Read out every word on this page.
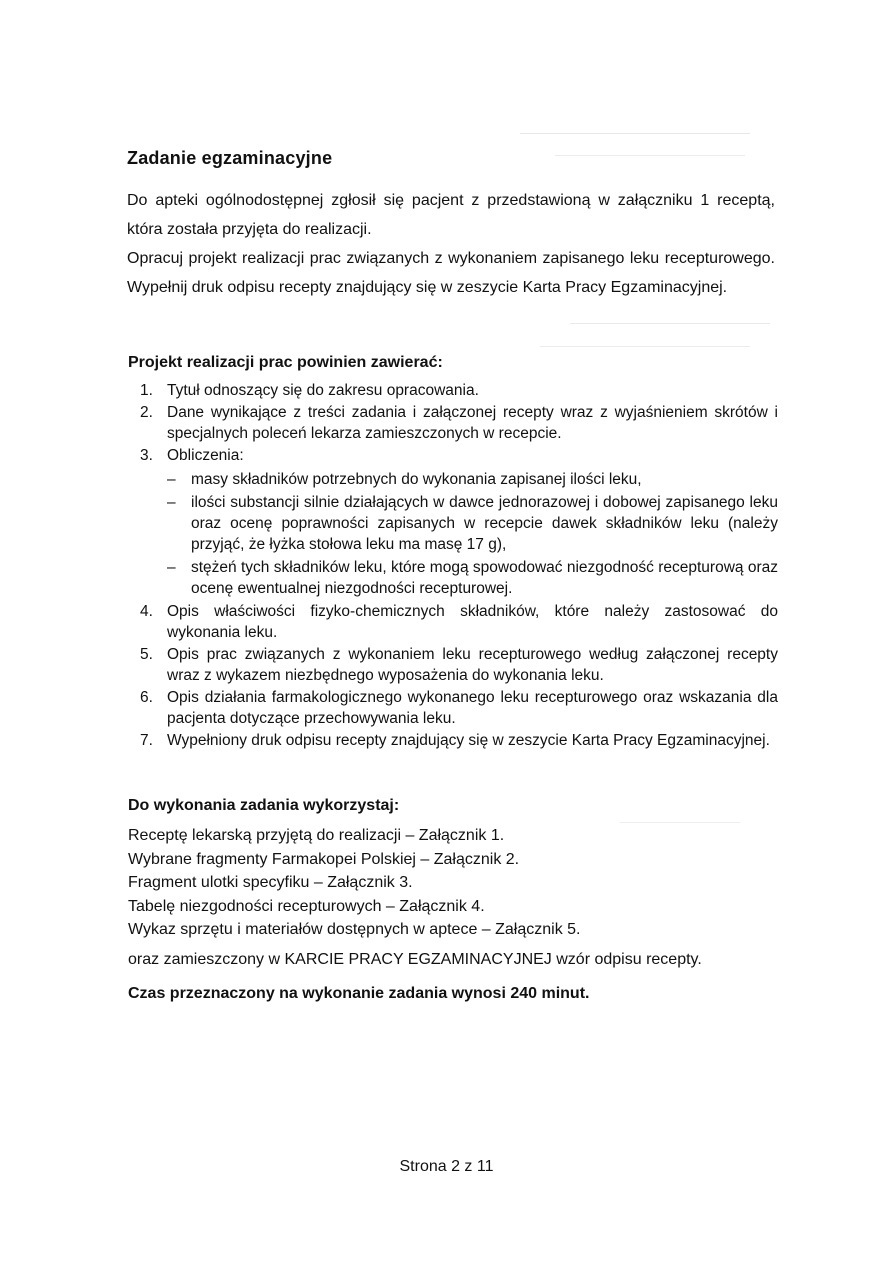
Zadanie egzaminacyjne

Do apteki ogólnodostępnej zgłosił się pacjent z przedstawioną w załączniku 1 receptą, która została przyjęta do realizacji.

Opracuj projekt realizacji prac związanych z wykonaniem zapisanego leku recepturowego. Wypełnij druk odpisu recepty znajdujący się w zeszycie Karta Pracy Egzaminacyjnej.

Projekt realizacji prac powinien zawierać:
1. Tytuł odnoszący się do zakresu opracowania.
2. Dane wynikające z treści zadania i załączonej recepty wraz z wyjaśnieniem skrótów i specjalnych poleceń lekarza zamieszczonych w recepcie.
3. Obliczenia:
– masy składników potrzebnych do wykonania zapisanej ilości leku,
– ilości substancji silnie działających w dawce jednorazowej i dobowej zapisanego leku oraz ocenę poprawności zapisanych w recepcie dawek składników leku (należy przyjąć, że łyżka stołowa leku ma masę 17 g),
– stężeń tych składników leku, które mogą spowodować niezgodność recepturową oraz ocenę ewentualnej niezgodności recepturowej.
4. Opis właściwości fizyko-chemicznych składników, które należy zastosować do wykonania leku.
5. Opis prac związanych z wykonaniem leku recepturowego według załączonej recepty wraz z wykazem niezbędnego wyposażenia do wykonania leku.
6. Opis działania farmakologicznego wykonanego leku recepturowego oraz wskazania dla pacjenta dotyczące przechowywania leku.
7. Wypełniony druk odpisu recepty znajdujący się w zeszycie Karta Pracy Egzaminacyjnej.
Do wykonania zadania wykorzystaj:
Receptę lekarską przyjętą do realizacji – Załącznik 1.
Wybrane fragmenty Farmakopei Polskiej – Załącznik 2.
Fragment ulotki specyfiku – Załącznik 3.
Tabelę niezgodności recepturowych – Załącznik 4.
Wykaz sprzętu i materiałów dostępnych w aptece – Załącznik 5.
oraz zamieszczony w KARCIE PRACY EGZAMINACYJNEJ wzór odpisu recepty.

Czas przeznaczony na wykonanie zadania wynosi 240 minut.

Strona 2 z 11
